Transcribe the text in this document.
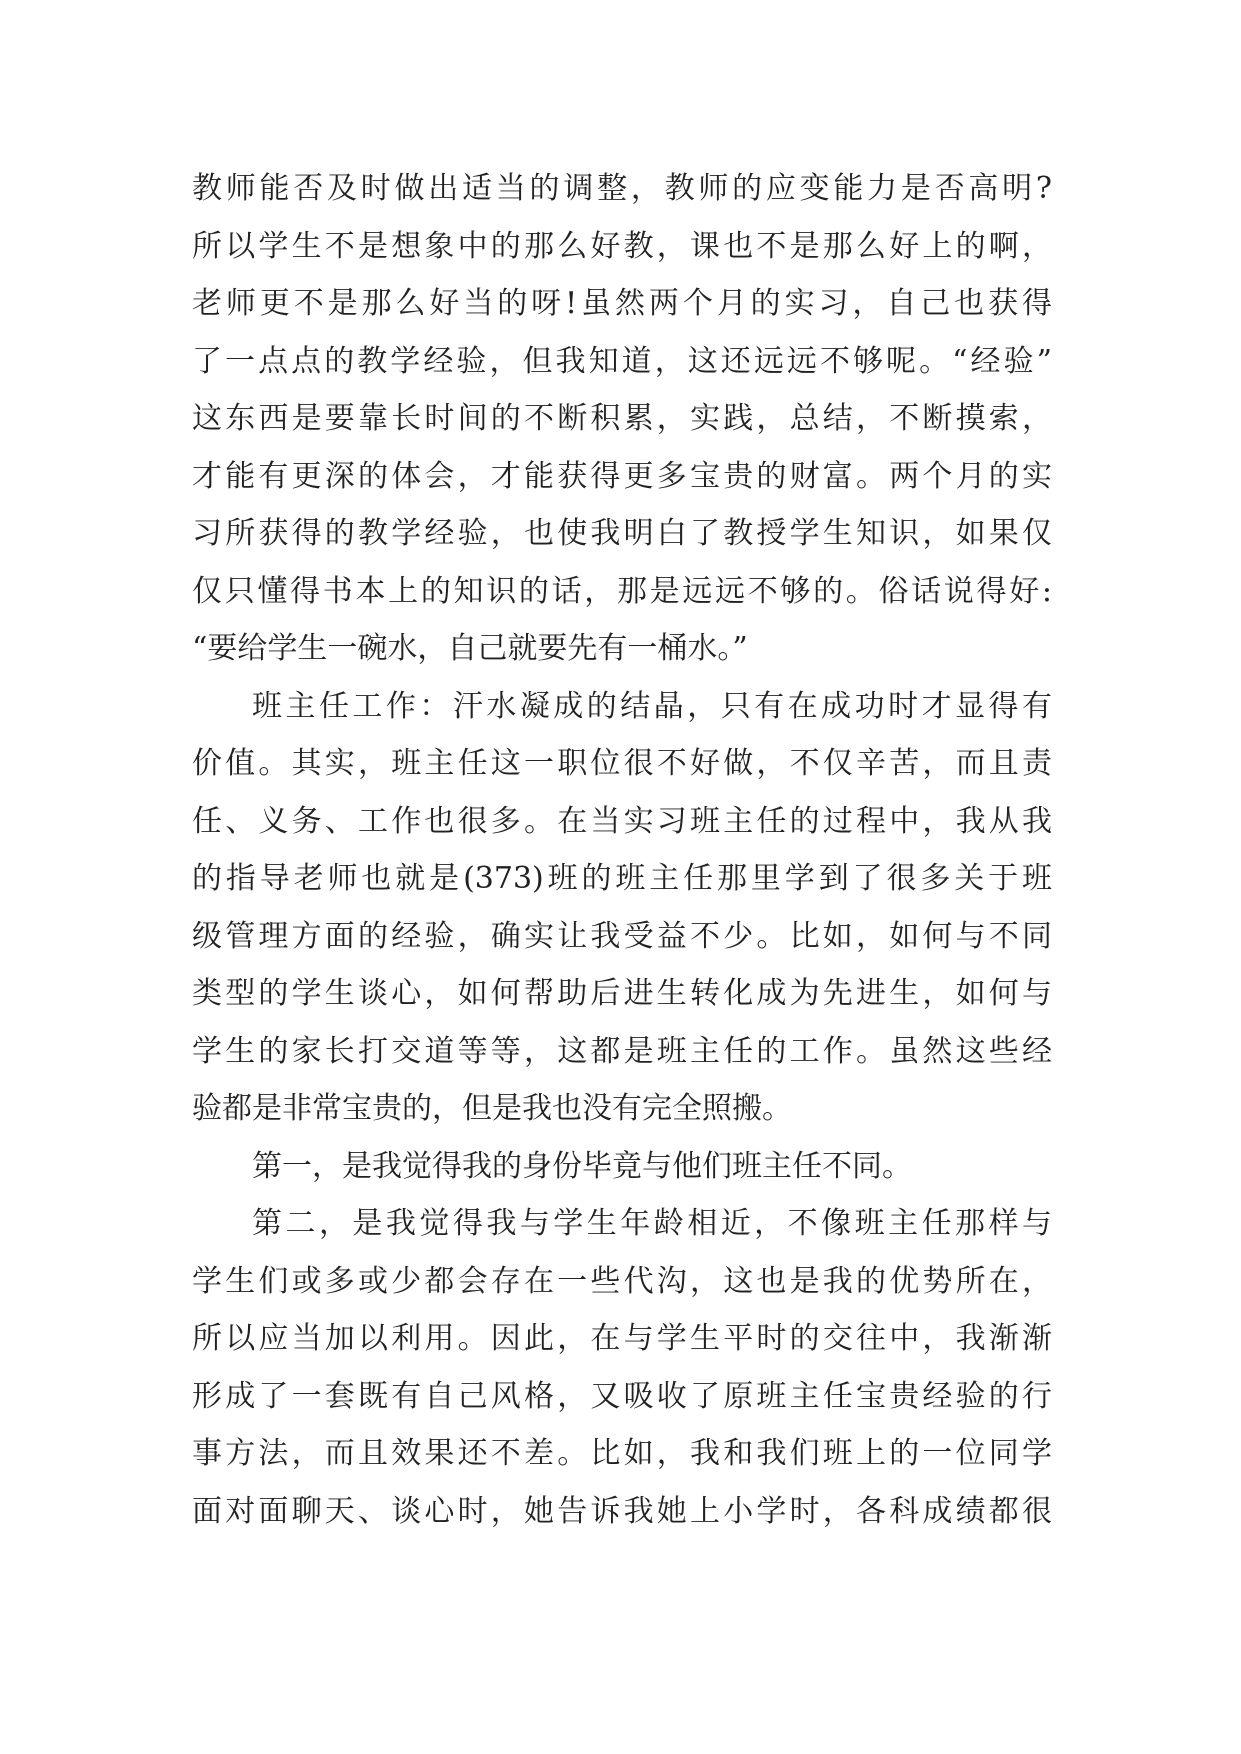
教师能否及时做出适当的调整，教师的应变能力是否高明?
所以学生不是想象中的那么好教，课也不是那么好上的啊，
老师更不是那么好当的呀!虽然两个月的实习，自己也获得
了一点点的教学经验，但我知道，这还远远不够呢。“经验”
这东西是要靠长时间的不断积累，实践，总结，不断摸索，
才能有更深的体会，才能获得更多宝贵的财富。两个月的实
习所获得的教学经验，也使我明白了教授学生知识，如果仅
仅只懂得书本上的知识的话，那是远远不够的。俗话说得好:
“要给学生一碗水，自己就要先有一桶水。”
班主任工作：汗水凝成的结晶，只有在成功时才显得有
价值。其实，班主任这一职位很不好做，不仅辛苦，而且责
任、义务、工作也很多。在当实习班主任的过程中，我从我
的指导老师也就是(373)班的班主任那里学到了很多关于班
级管理方面的经验，确实让我受益不少。比如，如何与不同
类型的学生谈心，如何帮助后进生转化成为先进生，如何与
学生的家长打交道等等，这都是班主任的工作。虽然这些经
验都是非常宝贵的，但是我也没有完全照搬。
第一，是我觉得我的身份毕竟与他们班主任不同。
第二，是我觉得我与学生年龄相近，不像班主任那样与
学生们或多或少都会存在一些代沟，这也是我的优势所在，
所以应当加以利用。因此，在与学生平时的交往中，我渐渐
形成了一套既有自己风格，又吸收了原班主任宝贵经验的行
事方法，而且效果还不差。比如，我和我们班上的一位同学
面对面聊天、谈心时，她告诉我她上小学时，各科成绩都很
